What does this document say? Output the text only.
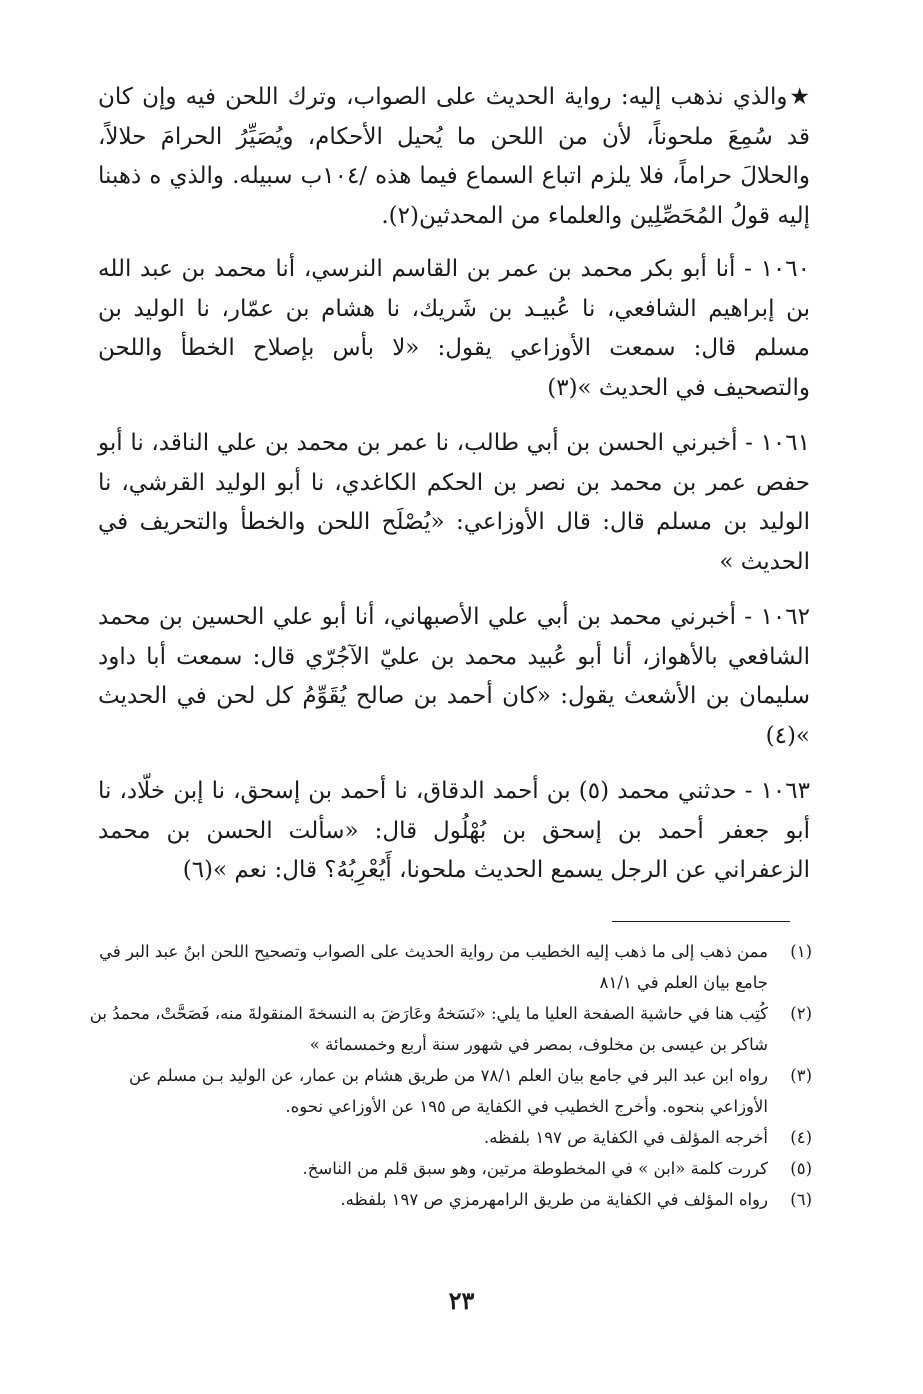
★والذي نذهب إليه: رواية الحديث على الصواب، وترك اللحن فيه وإن كان قد سُمِعَ ملحوناً، لأن من اللحن ما يُحيل الأحكام، ويُصَيِّرُ الحرامَ حلالاً، والحلالَ حراماً، فلا يلزم اتباع السماع فيما هذه /١٠٤ب سبيله. والذي ه ذهبنا إليه قولُ المُحَصِّلِين والعلماء من المحدثين(٢).

١٠٦٠ - أنا أبو بكر محمد بن عمر بن القاسم النرسي، أنا محمد بن عبد الله بن إبراهيم الشافعي، نا عُبيـد بن شَريك، نا هشام بن عمّار، نا الوليد بن مسلم قال: سمعت الأوزاعي يقول: «لا بأس بإصلاح الخطأ واللحن والتصحيف في الحديث »(٣)

١٠٦١ - أخبرني الحسن بن أبي طالب، نا عمر بن محمد بن علي الناقد، نا أبو حفص عمر بن محمد بن نصر بن الحكم الكاغدي، نا أبو الوليد القرشي، نا الوليد بن مسلم قال: قال الأوزاعي: «يُصْلَح اللحن والخطأ والتحريف في الحديث »

١٠٦٢ - أخبرني محمد بن أبي علي الأصبهاني، أنا أبو علي الحسين بن محمد الشافعي بالأهواز، أنا أبو عُبيد محمد بن عليّ الآجُرّي قال: سمعت أبا داود سليمان بن الأشعث يقول: «كان أحمد بن صالح يُقَوِّمُ كل لحن في الحديث »(٤)

١٠٦٣ - حدثني محمد (٥) بن أحمد الدقاق، نا أحمد بن إسحق، نا إبن خلّاد، نا أبو جعفر أحمد بن إسحق بن بُهْلُول قال: «سألت الحسن بن محمد الزعفراني عن الرجل يسمع الحديث ملحونا، أَيُعْرِبُهُ؟ قال: نعم »(٦)

(١)
ممن ذهب إلى ما ذهب إليه الخطيب من رواية الحديث على الصواب وتصحيح اللحن ابنُ عبد البر في جامع بيان العلم في ٨١/١
(٢)
كُتِب هنا في حاشية الصفحة العليا ما يلي: «نَسَخهُ وعَارَضَ به النسخةَ المنقولةَ منه، فَصَحَّتْ، محمدُ بن شاكر بن عيسى بن مخلوف، بمصر في شهور سنة أربع وخمسمائة »
(٣)
رواه ابن عبد البر في جامع بيان العلم ٧٨/١ من طريق هشام بن عمار، عن الوليد بـن مسلم عن الأوزاعي بنحوه. وأخرج الخطيب في الكفاية ص ١٩٥ عن الأوزاعي نحوه.
(٤)
أخرجه المؤلف في الكفاية ص ١٩٧ بلفظه.
(٥)
كررت كلمة «ابن » في المخطوطة مرتين، وهو سبق قلم من الناسخ.
(٦)
رواه المؤلف في الكفاية من طريق الرامهرمزي ص ١٩٧ بلفظه.
٢٣
